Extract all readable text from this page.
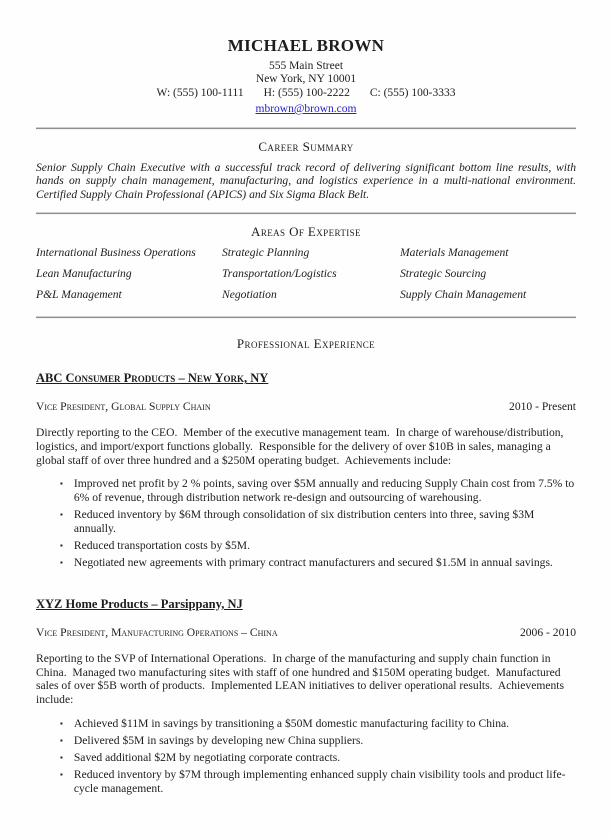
MICHAEL BROWN
555 Main Street
New York, NY 10001
W: (555) 100-1111 H: (555) 100-2222 C: (555) 100-3333
mbrown@brown.com
Career Summary

Senior Supply Chain Executive with a successful track record of delivering significant bottom line results, with hands on supply chain management, manufacturing, and logistics experience in a multi-national environment.  Certified Supply Chain Professional (APICS) and Six Sigma Black Belt.

Areas Of Expertise
International Business Operations	Strategic Planning	Materials Management
Lean Manufacturing	Transportation/Logistics	Strategic Sourcing
P&L Management	Negotiation	Supply Chain Management
Professional Experience
ABC Consumer Products – New York, NY
Vice President, Global Supply Chain	2010 - Present

Directly reporting to the CEO.  Member of the executive management team.  In charge of warehouse/distribution, logistics, and import/export functions globally.  Responsible for the delivery of over $10B in sales, managing a global staff of over three hundred and a $250M operating budget.  Achievements include:

▪ Improved net profit by 2 % points, saving over $5M annually and reducing Supply Chain cost from 7.5% to 6% of revenue, through distribution network re-design and outsourcing of warehousing.
▪ Reduced inventory by $6M through consolidation of six distribution centers into three, saving $3M annually.
▪ Reduced transportation costs by $5M.
▪ Negotiated new agreements with primary contract manufacturers and secured $1.5M in annual savings.
XYZ Home Products – Parsippany, NJ
Vice President, Manufacturing Operations – China	2006 - 2010

Reporting to the SVP of International Operations.  In charge of the manufacturing and supply chain function in China.  Managed two manufacturing sites with staff of one hundred and $150M operating budget.  Manufactured sales of over $5B worth of products.  Implemented LEAN initiatives to deliver operational results.  Achievements include:

▪ Achieved $11M in savings by transitioning a $50M domestic manufacturing facility to China.
▪ Delivered $5M in savings by developing new China suppliers.
▪ Saved additional $2M by negotiating corporate contracts.
▪ Reduced inventory by $7M through implementing enhanced supply chain visibility tools and product life-cycle management.
